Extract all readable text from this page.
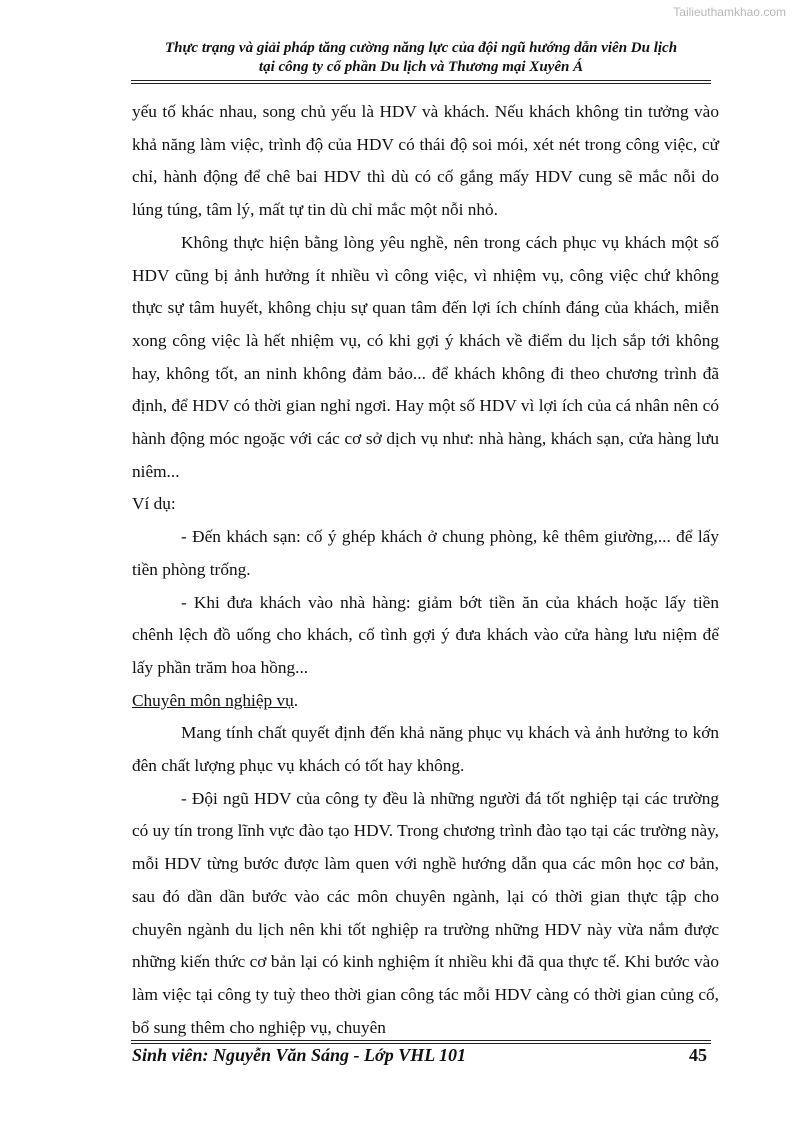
Tailieuthamkhao.com
Thực trạng và giải pháp tăng cường năng lực của đội ngũ hướng dẫn viên Du lịch
tại công ty cổ phần Du lịch và Thương mại Xuyên Á

yếu tố khác nhau, song chủ yếu là HDV và khách. Nếu khách không tin tưởng vào khả năng làm việc, trình độ của HDV có thái độ soi mói, xét nét trong công việc, cử chỉ, hành động để chê bai HDV thì dù có cố gắng mấy HDV cung sẽ mắc nỗi do lúng túng, tâm lý, mất tự tin dù chỉ mắc một nỗi nhỏ.

Không thực hiện bằng lòng yêu nghề, nên trong cách phục vụ khách một số HDV cũng bị ảnh hưởng ít nhiều vì công việc, vì nhiệm vụ, công việc chứ không thực sự tâm huyết, không chịu sự quan tâm đến lợi ích chính đáng của khách, miễn xong công việc là hết nhiệm vụ, có khi gợi ý khách về điểm du lịch sắp tới không hay, không tốt, an ninh không đảm bảo... để khách không đi theo chương trình đã định, để HDV có thời gian nghỉ ngơi. Hay một số HDV vì lợi ích của cá nhân nên có hành động móc ngoặc với các cơ sở dịch vụ như: nhà hàng, khách sạn, cửa hàng lưu niêm...

Ví dụ:

- Đến khách sạn: cố ý ghép khách ở chung phòng, kê thêm giường,... để lấy tiền phòng trống.

- Khi đưa khách vào nhà hàng: giảm bớt tiền ăn của khách hoặc lấy tiền chênh lệch đồ uống cho khách, cố tình gợi ý đưa khách vào cửa hàng lưu niệm để lấy phần trăm hoa hồng...

Chuyên môn nghiệp vụ.

Mang tính chất quyết định đến khả năng phục vụ khách và ảnh hưởng to kớn đên chất lượng phục vụ khách có tốt hay không.

- Đội ngũ HDV của công ty đều là những người đá tốt nghiệp tại các trường có uy tín trong lĩnh vực đào tạo HDV. Trong chương trình đào tạo tại các trường này, mỗi HDV từng bước được làm quen với nghề hướng dẫn qua các môn học cơ bản, sau đó dần dần bước vào các môn chuyên ngành, lại có thời gian thực tập cho chuyên ngành du lịch nên khi tốt nghiệp ra trường những HDV này vừa nắm được những kiến thức cơ bản lại có kinh nghiệm ít nhiều khi đã qua thực tế. Khi bước vào làm việc tại công ty tuỳ theo thời gian công tác mỗi HDV càng có thời gian củng cố, bổ sung thêm cho nghiệp vụ, chuyên

Sinh viên: Nguyễn Văn Sáng - Lớp VHL 101	45
